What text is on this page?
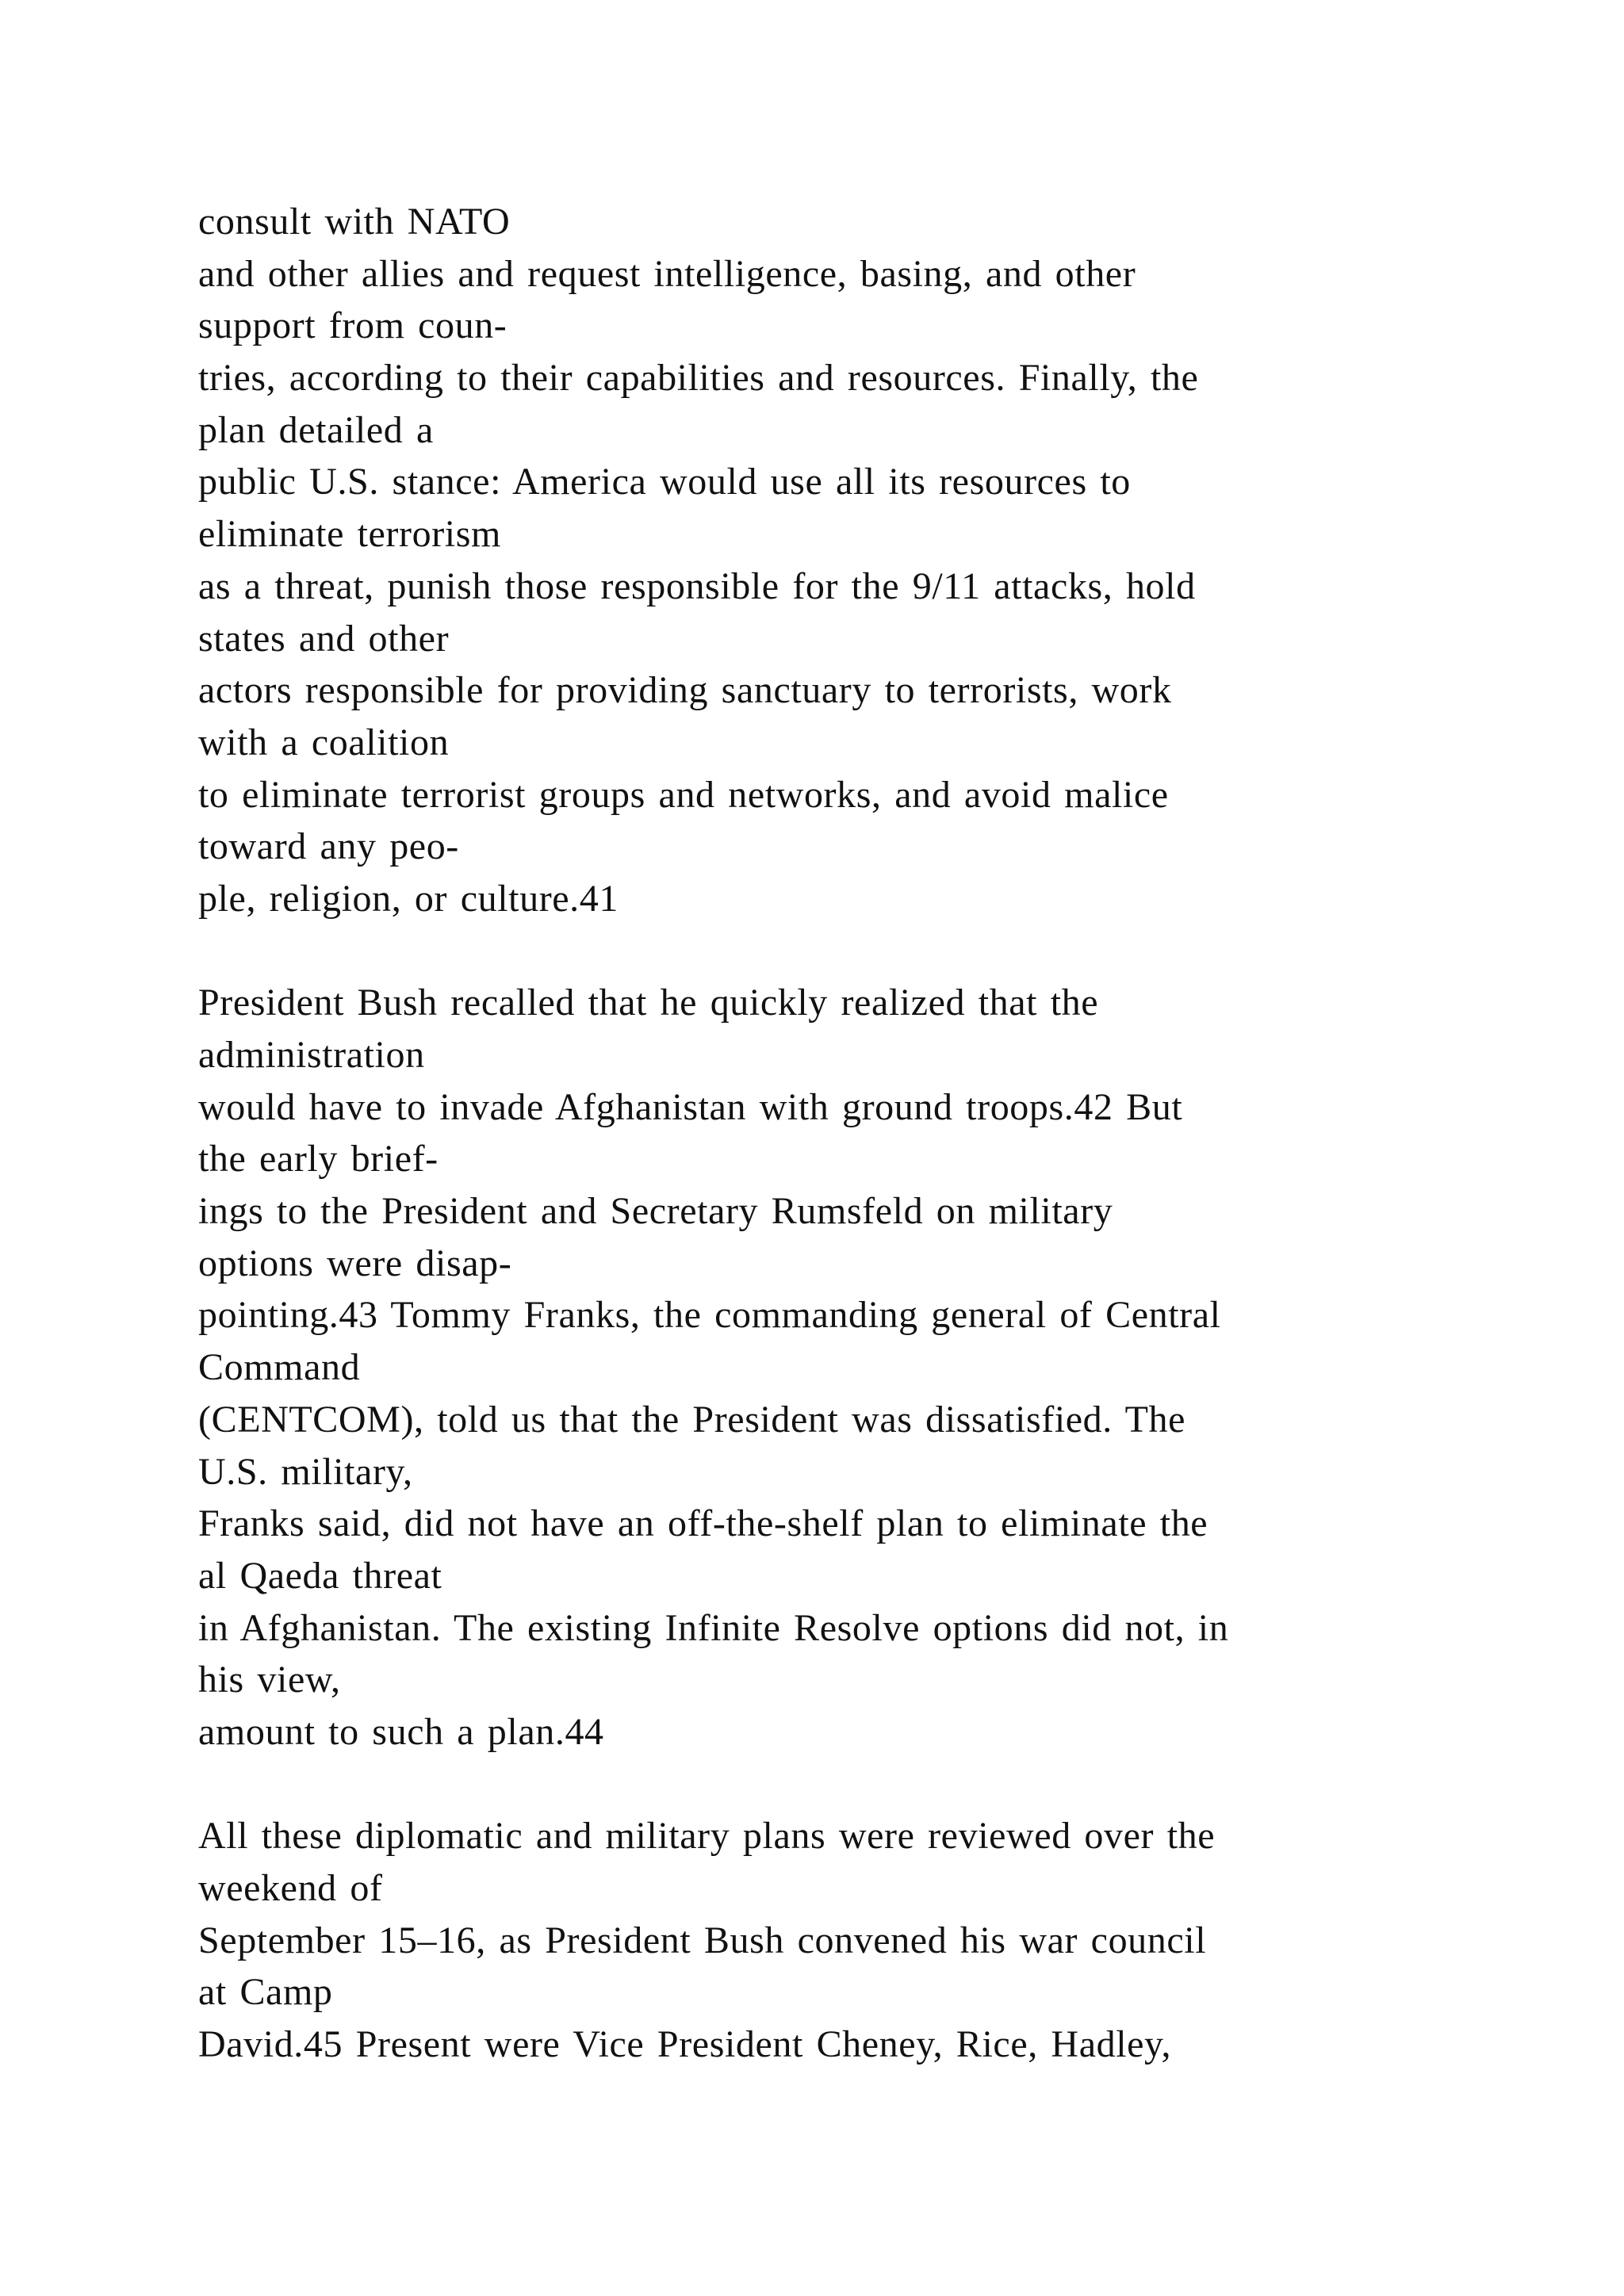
consult with NATO
and other allies and request intelligence, basing, and other
support from coun-
tries, according to their capabilities and resources. Finally, the
plan detailed a
public U.S. stance: America would use all its resources to
eliminate terrorism
as a threat, punish those responsible for the 9/11 attacks, hold
states and other
actors responsible for providing sanctuary to terrorists, work
with a coalition
to eliminate terrorist groups and networks, and avoid malice
toward any peo-
ple, religion, or culture.41
President Bush recalled that he quickly realized that the
administration
would have to invade Afghanistan with ground troops.42 But
the early brief-
ings to the President and Secretary Rumsfeld on military
options were disap-
pointing.43 Tommy Franks, the commanding general of Central
Command
(CENTCOM), told us that the President was dissatisfied. The
U.S. military,
Franks said, did not have an off-the-shelf plan to eliminate the
al Qaeda threat
in Afghanistan. The existing Infinite Resolve options did not, in
his view,
amount to such a plan.44
All these diplomatic and military plans were reviewed over the
weekend of
September 15–16, as President Bush convened his war council
at Camp
David.45 Present were Vice President Cheney, Rice, Hadley,
